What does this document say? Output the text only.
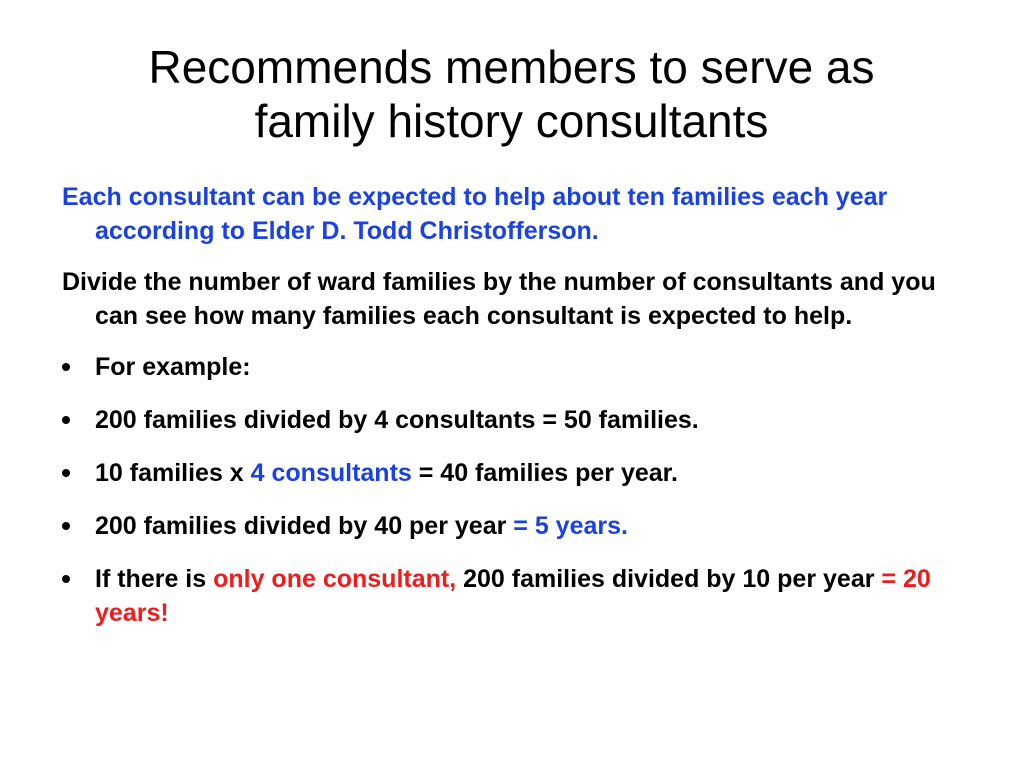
Recommends members to serve as
family history consultants

Each consultant can be expected to help about ten families each year according to Elder D. Todd Christofferson.

Divide the number of ward families by the number of consultants and you can see how many families each consultant is expected to help.

For example:

200 families divided by 4 consultants = 50 families.

10 families x 4 consultants = 40 families per year.

200 families divided by 40 per year = 5 years.

If there is only one consultant, 200 families divided by 10 per year = 20 years!
